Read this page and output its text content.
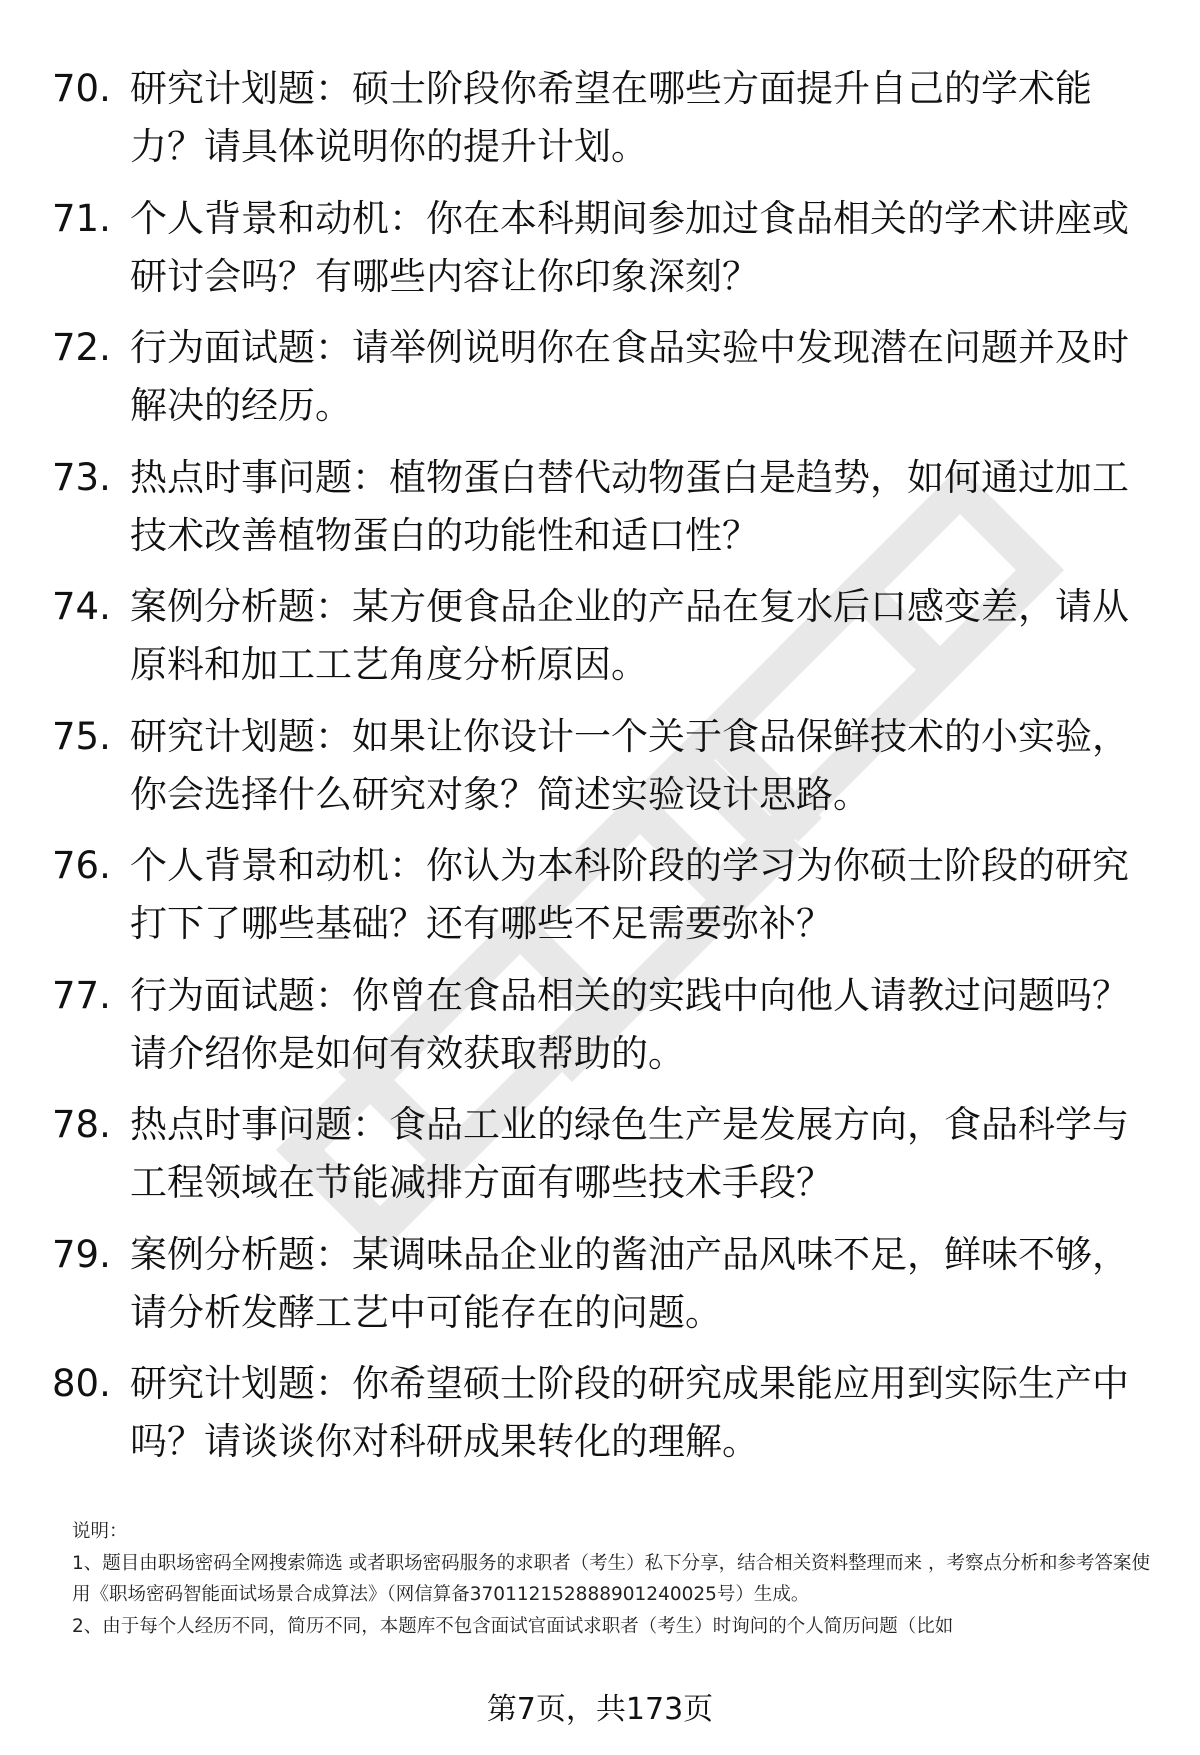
70. 研究计划题：硕士阶段你希望在哪些方面提升自己的学术能力？请具体说明你的提升计划。
71. 个人背景和动机：你在本科期间参加过食品相关的学术讲座或研讨会吗？有哪些内容让你印象深刻？
72. 行为面试题：请举例说明你在食品实验中发现潜在问题并及时解决的经历。
73. 热点时事问题：植物蛋白替代动物蛋白是趋势，如何通过加工技术改善植物蛋白的功能性和适口性？
74. 案例分析题：某方便食品企业的产品在复水后口感变差，请从原料和加工工艺角度分析原因。
75. 研究计划题：如果让你设计一个关于食品保鲜技术的小实验，你会选择什么研究对象？简述实验设计思路。
76. 个人背景和动机：你认为本科阶段的学习为你硕士阶段的研究打下了哪些基础？还有哪些不足需要弥补？
77. 行为面试题：你曾在食品相关的实践中向他人请教过问题吗？请介绍你是如何有效获取帮助的。
78. 热点时事问题：食品工业的绿色生产是发展方向，食品科学与工程领域在节能减排方面有哪些技术手段？
79. 案例分析题：某调味品企业的酱油产品风味不足，鲜味不够，请分析发酵工艺中可能存在的问题。
80. 研究计划题：你希望硕士阶段的研究成果能应用到实际生产中吗？请谈谈你对科研成果转化的理解。

说明：

1、题目由职场密码全网搜索筛选 或者职场密码服务的求职者（考生）私下分享，结合相关资料整理而来 ，考察点分析和参考答案使用《职场密码智能面试场景合成算法》（网信算备370112152888901240025号）生成。

2、由于每个人经历不同，简历不同，本题库不包含面试官面试求职者（考生）时询问的个人简历问题（比如

第7页，共173页
